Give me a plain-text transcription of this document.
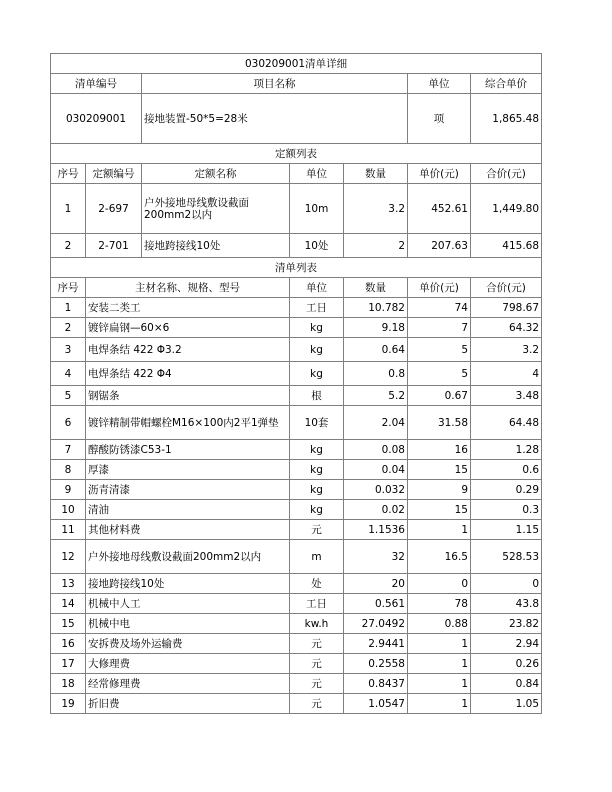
030209001清单详细						
清单编号		项目名称			单位	综合单价
030209001		接地装置-50*5=28米			项	1,865.48
定额列表						
序号	定额编号	定额名称	单位	数量	单价(元)	合价(元)
1	2-697	户外接地母线敷设截面200mm2以内	10m	3.2	452.61	1,449.80
2	2-701	接地跨接线10处	10处	2	207.63	415.68
清单列表						
序号	主材名称、规格、型号		单位	数量	单价(元)	合价(元)
1	安装二类工		工日	10.782	74	798.67
2	镀锌扁钢—60×6		kg	9.18	7	64.32
3	电焊条结 422 Φ3.2		kg	0.64	5	3.2
4	电焊条结 422 Φ4		kg	0.8	5	4
5	钢锯条		根	5.2	0.67	3.48
6	镀锌精制带帽螺栓M16×100内2平1弹垫		10套	2.04	31.58	64.48
7	醇酸防锈漆C53-1		kg	0.08	16	1.28
8	厚漆		kg	0.04	15	0.6
9	沥青清漆		kg	0.032	9	0.29
10	清油		kg	0.02	15	0.3
11	其他材料费		元	1.1536	1	1.15
12	户外接地母线敷设截面200mm2以内		m	32	16.5	528.53
13	接地跨接线10处		处	20	0	0
14	机械中人工		工日	0.561	78	43.8
15	机械中电		kw.h	27.0492	0.88	23.82
16	安拆费及场外运输费		元	2.9441	1	2.94
17	大修理费		元	0.2558	1	0.26
18	经常修理费		元	0.8437	1	0.84
19	折旧费		元	1.0547	1	1.05
